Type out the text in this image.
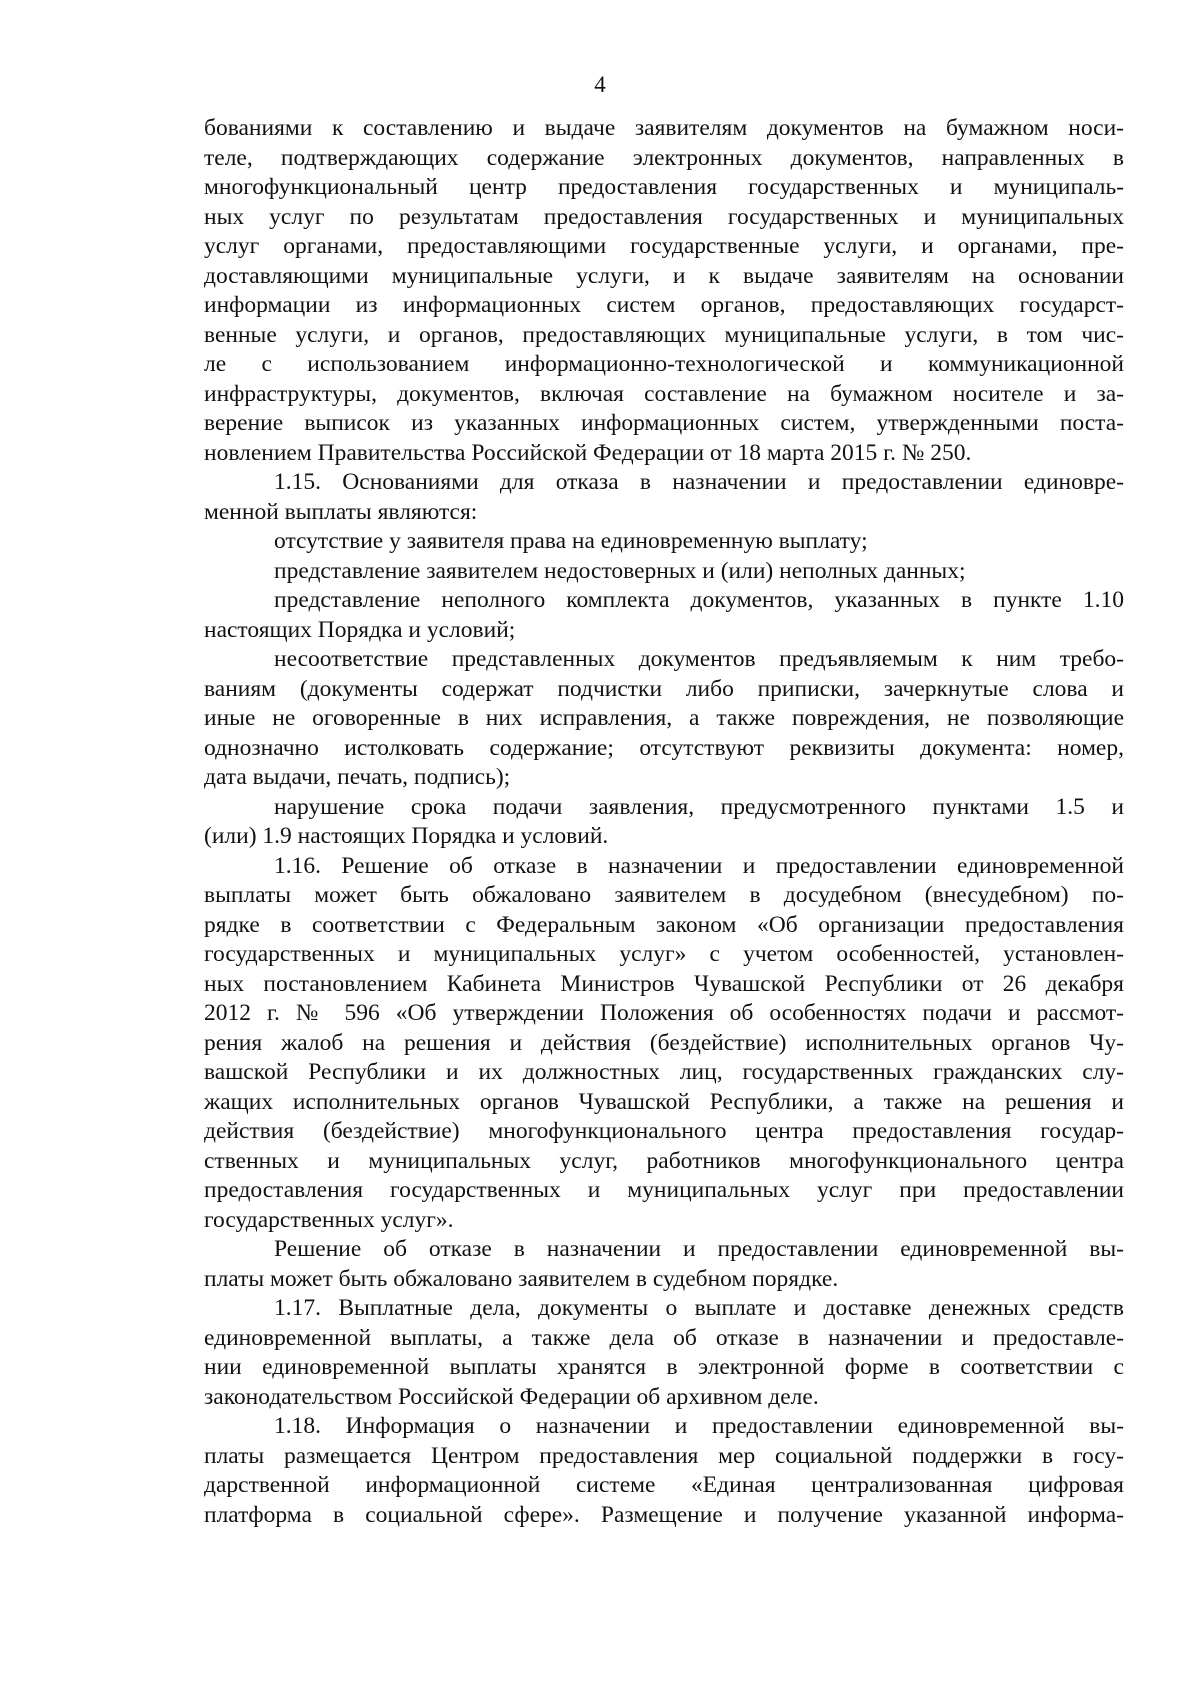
4
бованиями к составлению и выдаче заявителям документов на бумажном носи-
теле, подтверждающих содержание электронных документов, направленных в
многофункциональный центр предоставления государственных и муниципаль-
ных услуг по результатам предоставления государственных и муниципальных
услуг органами, предоставляющими государственные услуги, и органами, пре-
доставляющими муниципальные услуги, и к выдаче заявителям на основании
информации из информационных систем органов, предоставляющих государст-
венные услуги, и органов, предоставляющих муниципальные услуги, в том чис-
ле с использованием информационно-технологической и коммуникационной
инфраструктуры, документов, включая составление на бумажном носителе и за-
верение выписок из указанных информационных систем, утвержденными поста-
новлением Правительства Российской Федерации от 18 марта 2015 г. № 250.
1.15. Основаниями для отказа в назначении и предоставлении единовре-
менной выплаты являются:
отсутствие у заявителя права на единовременную выплату;
представление заявителем недостоверных и (или) неполных данных;
представление неполного комплекта документов, указанных в пункте 1.10
настоящих Порядка и условий;
несоответствие представленных документов предъявляемым к ним требо-
ваниям (документы содержат подчистки либо приписки, зачеркнутые слова и
иные не оговоренные в них исправления, а также повреждения, не позволяющие
однозначно истолковать содержание; отсутствуют реквизиты документа: номер,
дата выдачи, печать, подпись);
нарушение срока подачи заявления, предусмотренного пунктами 1.5 и
(или) 1.9 настоящих Порядка и условий.
1.16. Решение об отказе в назначении и предоставлении единовременной
выплаты может быть обжаловано заявителем в досудебном (внесудебном) по-
рядке в соответствии с Федеральным законом «Об организации предоставления
государственных и муниципальных услуг» с учетом особенностей, установлен-
ных постановлением Кабинета Министров Чувашской Республики от 26 декабря
2012 г. № 596 «Об утверждении Положения об особенностях подачи и рассмот-
рения жалоб на решения и действия (бездействие) исполнительных органов Чу-
вашской Республики и их должностных лиц, государственных гражданских слу-
жащих исполнительных органов Чувашской Республики, а также на решения и
действия (бездействие) многофункционального центра предоставления государ-
ственных и муниципальных услуг, работников многофункционального центра
предоставления государственных и муниципальных услуг при предоставлении
государственных услуг».
Решение об отказе в назначении и предоставлении единовременной вы-
платы может быть обжаловано заявителем в судебном порядке.
1.17. Выплатные дела, документы о выплате и доставке денежных средств
единовременной выплаты, а также дела об отказе в назначении и предоставле-
нии единовременной выплаты хранятся в электронной форме в соответствии с
законодательством Российской Федерации об архивном деле.
1.18. Информация о назначении и предоставлении единовременной вы-
платы размещается Центром предоставления мер социальной поддержки в госу-
дарственной информационной системе «Единая централизованная цифровая
платформа в социальной сфере». Размещение и получение указанной информа-
